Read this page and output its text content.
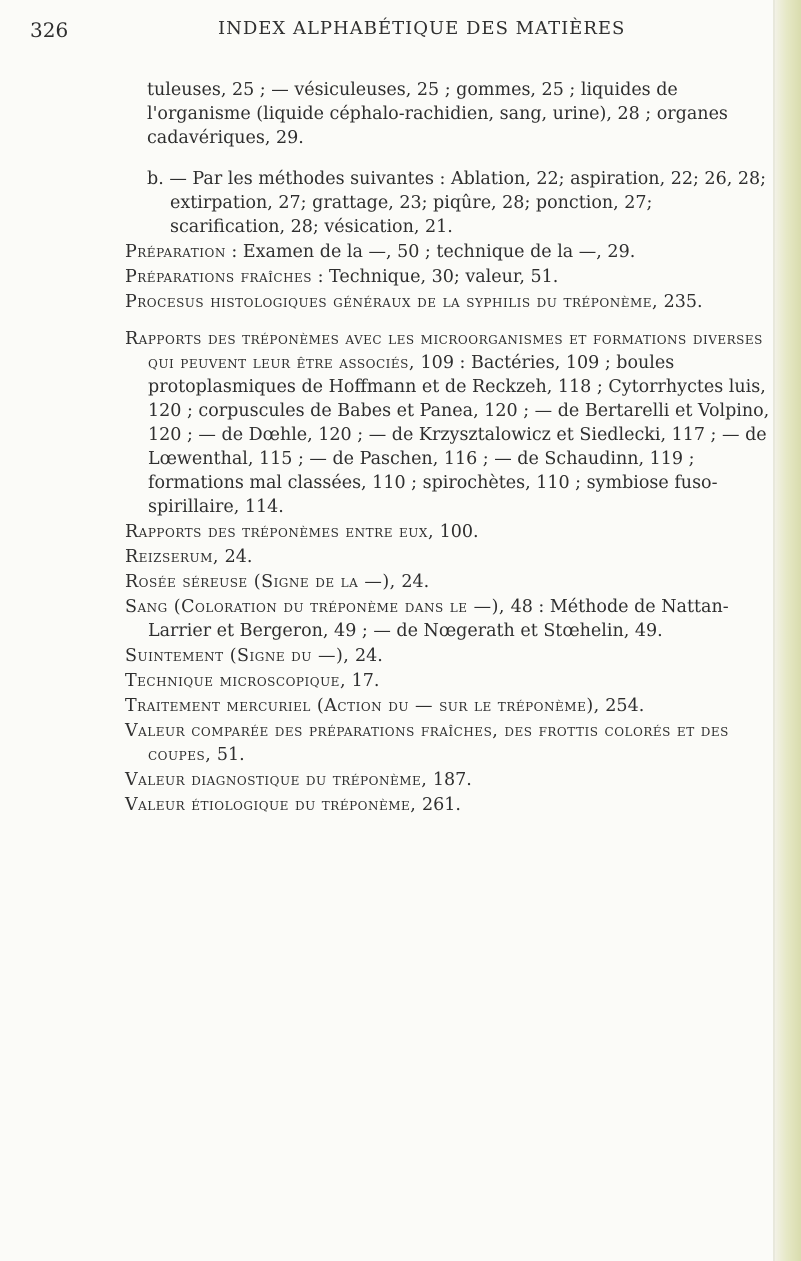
326	INDEX ALPHABÉTIQUE DES MATIÈRES

tuleuses, 25 ; — vésiculeuses, 25 ; gommes, 25 ; liquides de l'organisme (liquide céphalo-rachidien, sang, urine), 28 ; organes cadavériques, 29.

b. — Par les méthodes suivantes : Ablation, 22; aspiration, 22; 26, 28; extirpation, 27; grattage, 23; piqûre, 28; ponction, 27; scarification, 28; vésication, 21.

Préparation : Examen de la —, 50 ; technique de la —, 29.

Préparations fraîches : Technique, 30; valeur, 51.

Procesus histologiques généraux de la syphilis du tréponème, 235.

Rapports des tréponèmes avec les microorganismes et formations diverses qui peuvent leur être associés, 109 : Bactéries, 109 ; boules protoplasmiques de Hoffmann et de Reckzeh, 118 ; Cytorrhyctes luis, 120 ; corpuscules de Babes et Panea, 120 ; — de Bertarelli et Volpino, 120 ; — de Dœhle, 120 ; — de Krzysztalowicz et Siedlecki, 117 ; — de Lœwenthal, 115 ; — de Paschen, 116 ; — de Schaudinn, 119 ; formations mal classées, 110 ; spirochètes, 110 ; symbiose fuso-spirillaire, 114.

Rapports des tréponèmes entre eux, 100.

Reizserum, 24.

Rosée séreuse (Signe de la —), 24.

Sang (Coloration du tréponème dans le —), 48 : Méthode de Nattan-Larrier et Bergeron, 49 ; — de Nœgerath et Stœhelin, 49.

Suintement (Signe du —), 24.

Technique microscopique, 17.

Traitement mercuriel (Action du — sur le tréponème), 254.

Valeur comparée des préparations fraîches, des frottis colorés et des coupes, 51.

Valeur diagnostique du tréponème, 187.

Valeur étiologique du tréponème, 261.
